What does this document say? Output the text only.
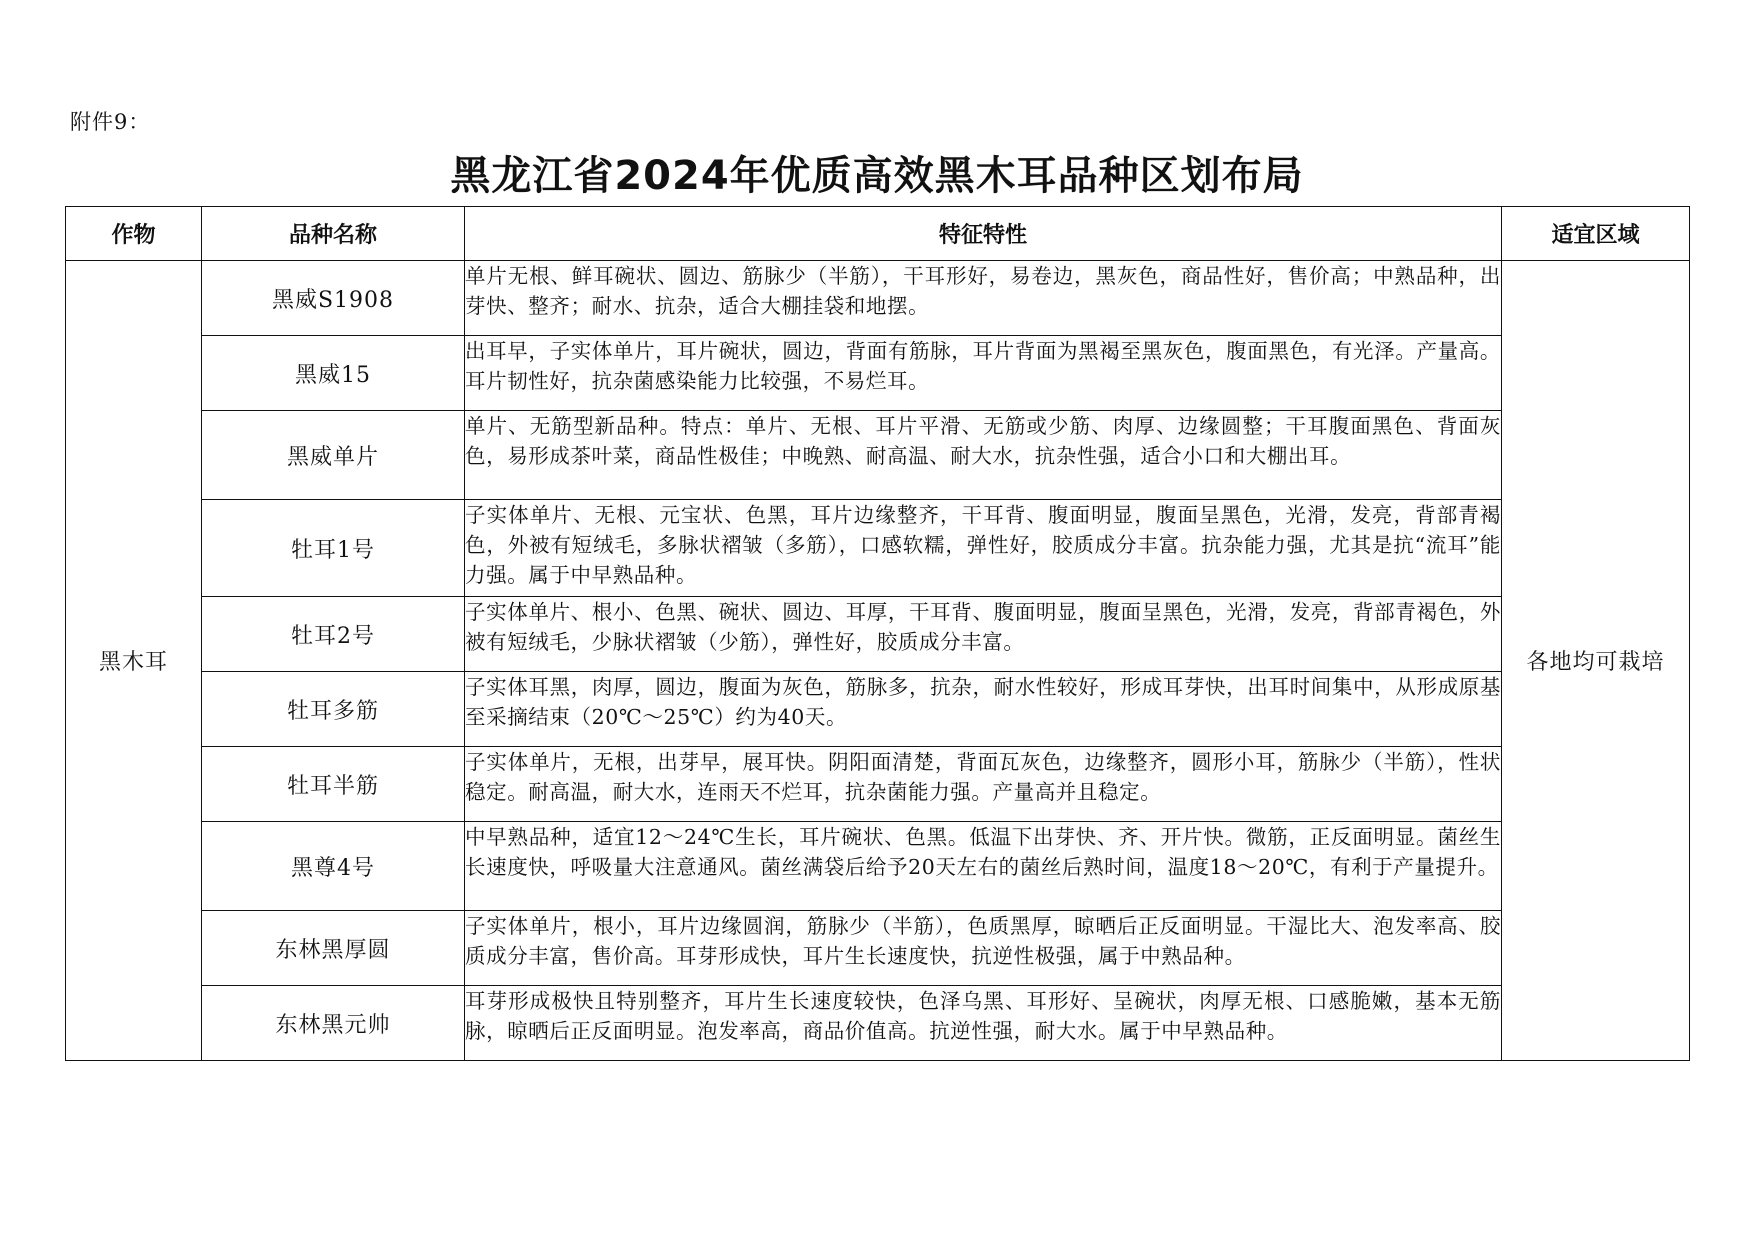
附件9：
黑龙江省2024年优质高效黑木耳品种区划布局
作物	品种名称	特征特性	适宜区域
黑木耳	黑威S1908	单片无根、鲜耳碗状、圆边、筋脉少（半筋），干耳形好，易卷边，黑灰色，商品性好，售价高；中熟品种，出芽快、整齐；耐水、抗杂，适合大棚挂袋和地摆。	各地均可栽培
	黑威15	出耳早，子实体单片，耳片碗状，圆边，背面有筋脉，耳片背面为黑褐至黑灰色，腹面黑色，有光泽。产量高。耳片韧性好，抗杂菌感染能力比较强，不易烂耳。	
	黑威单片	单片、无筋型新品种。特点：单片、无根、耳片平滑、无筋或少筋、肉厚、边缘圆整；干耳腹面黑色、背面灰色，易形成茶叶菜，商品性极佳；中晚熟、耐高温、耐大水，抗杂性强，适合小口和大棚出耳。	
	牡耳1号	子实体单片、无根、元宝状、色黑，耳片边缘整齐，干耳背、腹面明显，腹面呈黑色，光滑，发亮，背部青褐色，外被有短绒毛，多脉状褶皱（多筋），口感软糯，弹性好，胶质成分丰富。抗杂能力强，尤其是抗“流耳”能力强。属于中早熟品种。	
	牡耳2号	子实体单片、根小、色黑、碗状、圆边、耳厚，干耳背、腹面明显，腹面呈黑色，光滑，发亮，背部青褐色，外被有短绒毛，少脉状褶皱（少筋），弹性好，胶质成分丰富。	
	牡耳多筋	子实体耳黑，肉厚，圆边，腹面为灰色，筋脉多，抗杂，耐水性较好，形成耳芽快，出耳时间集中，从形成原基至采摘结束（20℃～25℃）约为40天。	
	牡耳半筋	子实体单片，无根，出芽早，展耳快。阴阳面清楚，背面瓦灰色，边缘整齐，圆形小耳，筋脉少（半筋），性状稳定。耐高温，耐大水，连雨天不烂耳，抗杂菌能力强。产量高并且稳定。	
	黑尊4号	中早熟品种，适宜12～24℃生长，耳片碗状、色黑。低温下出芽快、齐、开片快。微筋，正反面明显。菌丝生长速度快，呼吸量大注意通风。菌丝满袋后给予20天左右的菌丝后熟时间，温度18～20℃，有利于产量提升。	
	东林黑厚圆	子实体单片，根小，耳片边缘圆润，筋脉少（半筋），色质黑厚，晾晒后正反面明显。干湿比大、泡发率高、胶质成分丰富，售价高。耳芽形成快，耳片生长速度快，抗逆性极强，属于中熟品种。	
	东林黑元帅	耳芽形成极快且特别整齐，耳片生长速度较快，色泽乌黑、耳形好、呈碗状，肉厚无根、口感脆嫩，基本无筋脉，晾晒后正反面明显。泡发率高，商品价值高。抗逆性强，耐大水。属于中早熟品种。	
